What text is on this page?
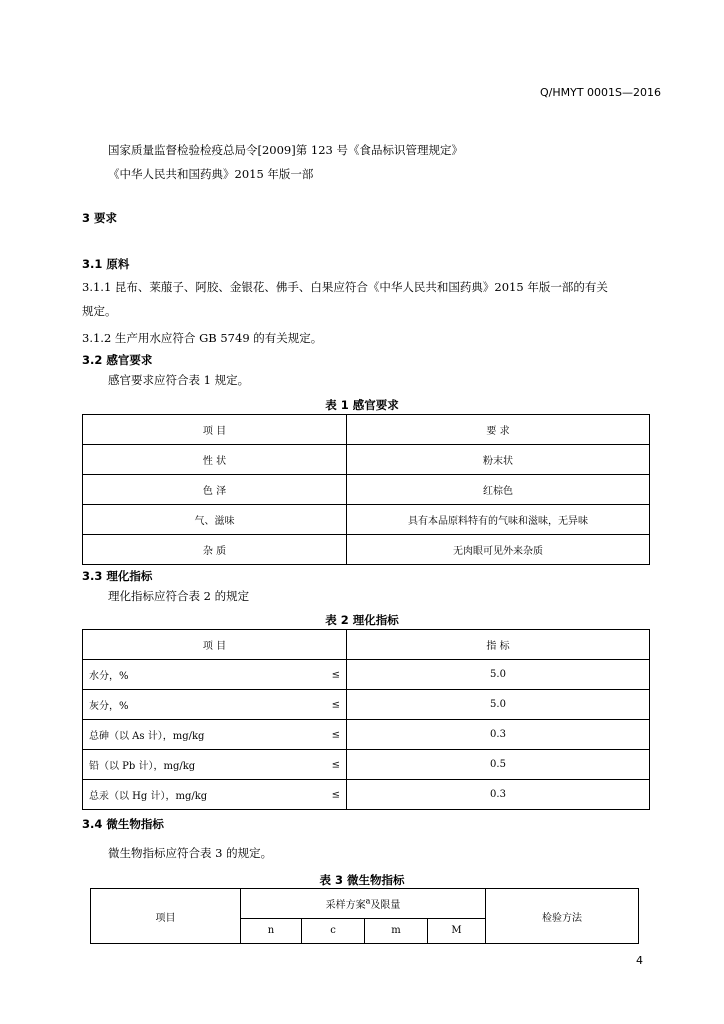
Q/HMYT 0001S—2016
国家质量监督检验检疫总局令[2009]第 123 号《食品标识管理规定》
《中华人民共和国药典》2015 年版一部
3 要求
3.1 原料
3.1.1 昆布、莱菔子、阿胶、金银花、佛手、白果应符合《中华人民共和国药典》2015 年版一部的有关
规定。
3.1.2 生产用水应符合 GB 5749 的有关规定。
3.2 感官要求
感官要求应符合表 1 规定。
表 1 感官要求
项 目	要 求
性 状	粉末状
色 泽	红棕色
气、滋味	具有本品原料特有的气味和滋味，无异味
杂 质	无肉眼可见外来杂质
3.3 理化指标
理化指标应符合表 2 的规定
表 2 理化指标
项 目	指 标
水分，% ≤	5.0
灰分，% ≤	5.0
总砷（以 As 计），mg/kg ≤	0.3
铅（以 Pb 计），mg/kg ≤	0.5
总汞（以 Hg 计），mg/kg ≤	0.3
3.4 微生物指标
微生物指标应符合表 3 的规定。
表 3 微生物指标
项目	采样方案$^a$及限量				检验方法
	n	c	m	M	
4
